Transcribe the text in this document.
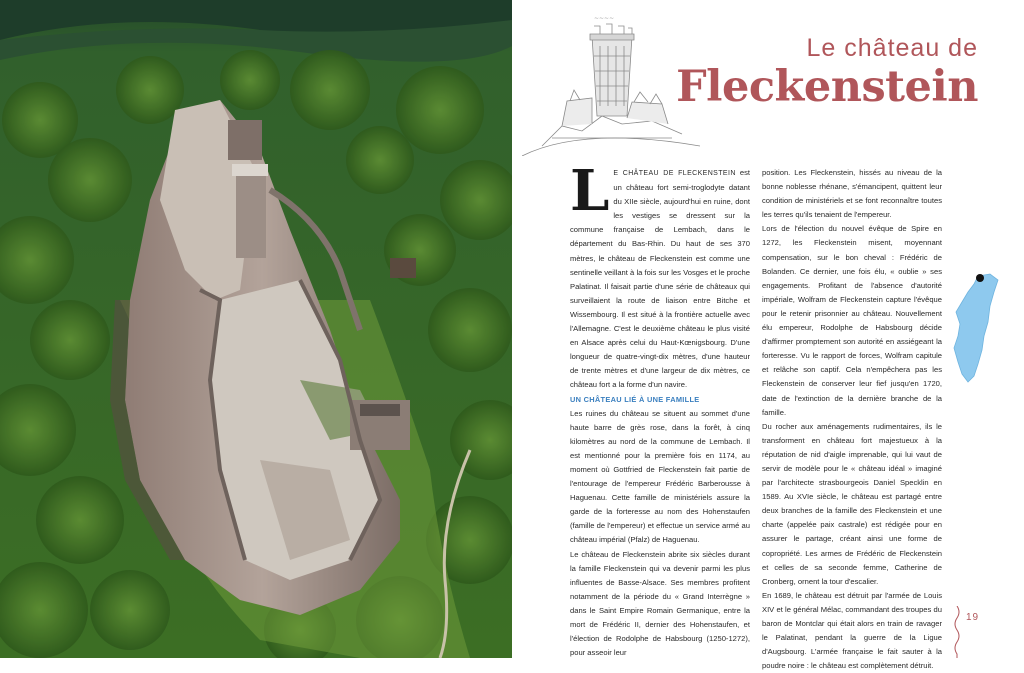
~~~~
Le château de
Fleckenstein

L E CHÂTEAU DE FLECKENSTEIN est un château fort semi-troglodyte datant du XIIe siècle, aujourd'hui en ruine, dont les vestiges se dressent sur la commune française de Lembach, dans le département du Bas-Rhin. Du haut de ses 370 mètres, le château de Fleckenstein est comme une sentinelle veillant à la fois sur les Vosges et le proche Palatinat. Il faisait partie d'une série de châteaux qui surveillaient la route de liaison entre Bitche et Wissembourg. Il est situé à la frontière actuelle avec l'Allemagne. C'est le deuxième château le plus visité en Alsace après celui du Haut-Kœnigsbourg. D'une longueur de quatre-vingt-dix mètres, d'une hauteur de trente mètres et d'une largeur de dix mètres, ce château fort a la forme d'un navire.

UN CHÂTEAU LIÉ À UNE FAMILLE

Les ruines du château se situent au sommet d'une haute barre de grès rose, dans la forêt, à cinq kilomètres au nord de la commune de Lembach. Il est mentionné pour la première fois en 1174, au moment où Gottfried de Fleckenstein fait partie de l'entourage de l'empereur Frédéric Barberousse à Haguenau. Cette famille de ministériels assure la garde de la forteresse au nom des Hohenstaufen (famille de l'empereur) et effectue un service armé au château impérial (Pfalz) de Haguenau.

Le château de Fleckenstein abrite six siècles durant la famille Fleckenstein qui va devenir parmi les plus influentes de Basse-Alsace. Ses membres profitent notamment de la période du « Grand Interrègne » dans le Saint Empire Romain Germanique, entre la mort de Frédéric II, dernier des Hohenstaufen, et l'élection de Rodolphe de Habsbourg (1250-1272), pour asseoir leur

position. Les Fleckenstein, hissés au niveau de la bonne noblesse rhénane, s'émancipent, quittent leur condition de ministériels et se font reconnaître toutes les terres qu'ils tenaient de l'empereur.

Lors de l'élection du nouvel évêque de Spire en 1272, les Fleckenstein misent, moyennant compensation, sur le bon cheval : Frédéric de Bolanden. Ce dernier, une fois élu, « oublie » ses engagements. Profitant de l'absence d'autorité impériale, Wolfram de Fleckenstein capture l'évêque pour le retenir prisonnier au château. Nouvellement élu empereur, Rodolphe de Habsbourg décide d'affirmer promptement son autorité en assiégeant la forteresse. Vu le rapport de forces, Wolfram capitule et relâche son captif. Cela n'empêchera pas les Fleckenstein de conserver leur fief jusqu'en 1720, date de l'extinction de la dernière branche de la famille.

Du rocher aux aménagements rudimentaires, ils le transforment en château fort majestueux à la réputation de nid d'aigle imprenable, qui lui vaut de servir de modèle pour le « château idéal » imaginé par l'architecte strasbourgeois Daniel Specklin en 1589. Au XVIe siècle, le château est partagé entre deux branches de la famille des Fleckenstein et une charte (appelée paix castrale) est rédigée pour en assurer le partage, créant ainsi une forme de copropriété. Les armes de Frédéric de Fleckenstein et celles de sa seconde femme, Catherine de Cronberg, ornent la tour d'escalier.

En 1689, le château est détruit par l'armée de Louis XIV et le général Mélac, commandant des troupes du baron de Montclar qui était alors en train de ravager le Palatinat, pendant la guerre de la Ligue d'Augsbourg. L'armée française le fait sauter à la poudre noire : le château est complètement détruit.

19
